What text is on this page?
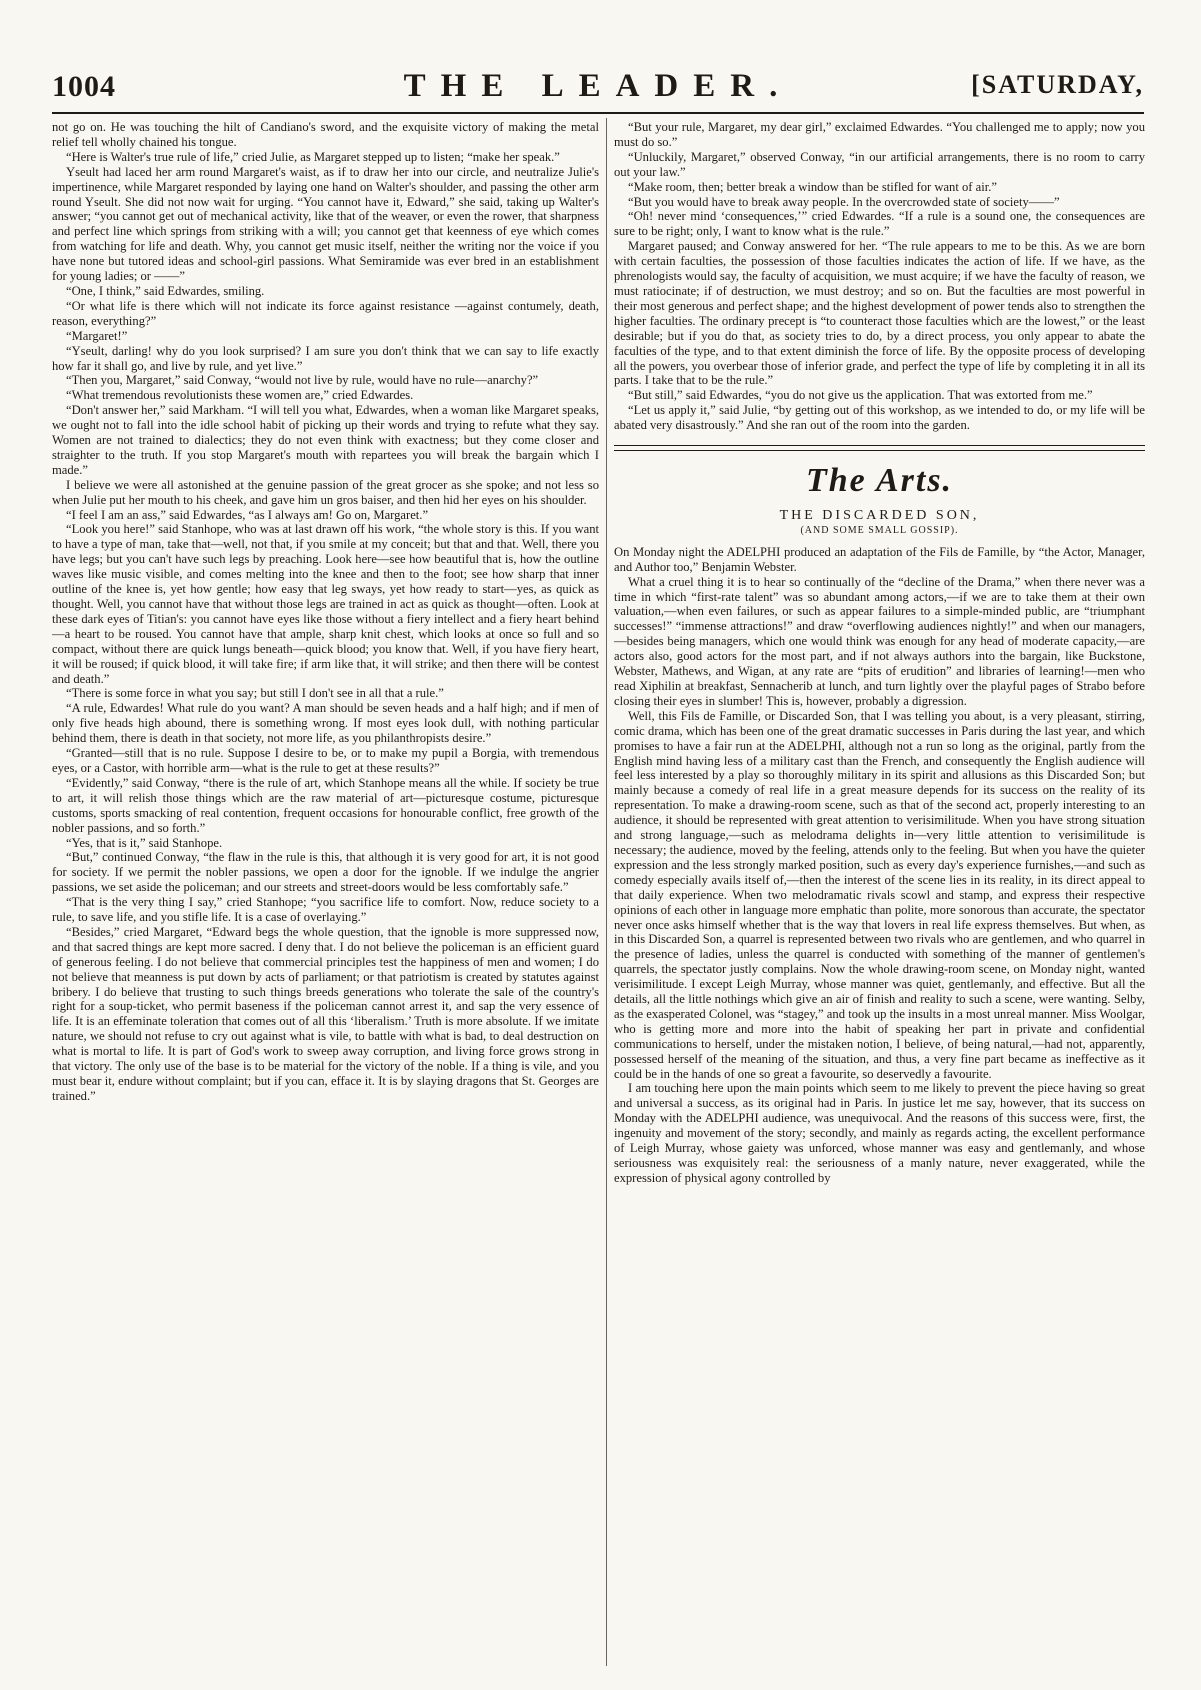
1004	THE LEADER.	[SATURDAY,

not go on. He was touching the hilt of Candiano's sword, and the exquisite victory of making the metal relief tell wholly chained his tongue.

“Here is Walter's true rule of life,” cried Julie, as Margaret stepped up to listen; “make her speak.”

Yseult had laced her arm round Margaret's waist, as if to draw her into our circle, and neutralize Julie's impertinence, while Margaret responded by laying one hand on Walter's shoulder, and passing the other arm round Yseult. She did not now wait for urging. “You cannot have it, Edward,” she said, taking up Walter's answer; “you cannot get out of mechanical activity, like that of the weaver, or even the rower, that sharpness and perfect line which springs from striking with a will; you cannot get that keenness of eye which comes from watching for life and death. Why, you cannot get music itself, neither the writing nor the voice if you have none but tutored ideas and school-girl passions. What Semiramide was ever bred in an establishment for young ladies; or ——”

“One, I think,” said Edwardes, smiling.

“Or what life is there which will not indicate its force against resistance —against contumely, death, reason, everything?”

“Margaret!”

“Yseult, darling! why do you look surprised? I am sure you don't think that we can say to life exactly how far it shall go, and live by rule, and yet live.”

“Then you, Margaret,” said Conway, “would not live by rule, would have no rule—anarchy?”

“What tremendous revolutionists these women are,” cried Edwardes.

“Don't answer her,” said Markham. “I will tell you what, Edwardes, when a woman like Margaret speaks, we ought not to fall into the idle school habit of picking up their words and trying to refute what they say. Women are not trained to dialectics; they do not even think with exactness; but they come closer and straighter to the truth. If you stop Margaret's mouth with repartees you will break the bargain which I made.”

I believe we were all astonished at the genuine passion of the great grocer as she spoke; and not less so when Julie put her mouth to his cheek, and gave him un gros baiser, and then hid her eyes on his shoulder.

“I feel I am an ass,” said Edwardes, “as I always am! Go on, Margaret.”

“Look you here!” said Stanhope, who was at last drawn off his work, “the whole story is this. If you want to have a type of man, take that—well, not that, if you smile at my conceit; but that and that. Well, there you have legs; but you can't have such legs by preaching. Look here—see how beautiful that is, how the outline waves like music visible, and comes melting into the knee and then to the foot; see how sharp that inner outline of the knee is, yet how gentle; how easy that leg sways, yet how ready to start—yes, as quick as thought. Well, you cannot have that without those legs are trained in act as quick as thought—often. Look at these dark eyes of Titian's: you cannot have eyes like those without a fiery intellect and a fiery heart behind—a heart to be roused. You cannot have that ample, sharp knit chest, which looks at once so full and so compact, without there are quick lungs beneath—quick blood; you know that. Well, if you have fiery heart, it will be roused; if quick blood, it will take fire; if arm like that, it will strike; and then there will be contest and death.”

“There is some force in what you say; but still I don't see in all that a rule.”

“A rule, Edwardes! What rule do you want? A man should be seven heads and a half high; and if men of only five heads high abound, there is something wrong. If most eyes look dull, with nothing particular behind them, there is death in that society, not more life, as you philanthropists desire.”

“Granted—still that is no rule. Suppose I desire to be, or to make my pupil a Borgia, with tremendous eyes, or a Castor, with horrible arm—what is the rule to get at these results?”

“Evidently,” said Conway, “there is the rule of art, which Stanhope means all the while. If society be true to art, it will relish those things which are the raw material of art—picturesque costume, picturesque customs, sports smacking of real contention, frequent occasions for honourable conflict, free growth of the nobler passions, and so forth.”

“Yes, that is it,” said Stanhope.

“But,” continued Conway, “the flaw in the rule is this, that although it is very good for art, it is not good for society. If we permit the nobler passions, we open a door for the ignoble. If we indulge the angrier passions, we set aside the policeman; and our streets and street-doors would be less comfortably safe.”

“That is the very thing I say,” cried Stanhope; “you sacrifice life to comfort. Now, reduce society to a rule, to save life, and you stifle life. It is a case of overlaying.”

“Besides,” cried Margaret, “Edward begs the whole question, that the ignoble is more suppressed now, and that sacred things are kept more sacred. I deny that. I do not believe the policeman is an efficient guard of generous feeling. I do not believe that commercial principles test the happiness of men and women; I do not believe that meanness is put down by acts of parliament; or that patriotism is created by statutes against bribery. I do believe that trusting to such things breeds generations who tolerate the sale of the country's right for a soup-ticket, who permit baseness if the policeman cannot arrest it, and sap the very essence of life. It is an effeminate toleration that comes out of all this ‘liberalism.’ Truth is more absolute. If we imitate nature, we should not refuse to cry out against what is vile, to battle with what is bad, to deal destruction on what is mortal to life. It is part of God's work to sweep away corruption, and living force grows strong in that victory. The only use of the base is to be material for the victory of the noble. If a thing is vile, and you must bear it, endure without complaint; but if you can, efface it. It is by slaying dragons that St. Georges are trained.”

“But your rule, Margaret, my dear girl,” exclaimed Edwardes. “You challenged me to apply; now you must do so.”

“Unluckily, Margaret,” observed Conway, “in our artificial arrangements, there is no room to carry out your law.”

“Make room, then; better break a window than be stifled for want of air.”

“But you would have to break away people. In the overcrowded state of society——”

“Oh! never mind ‘consequences,’” cried Edwardes. “If a rule is a sound one, the consequences are sure to be right; only, I want to know what is the rule.”

Margaret paused; and Conway answered for her. “The rule appears to me to be this. As we are born with certain faculties, the possession of those faculties indicates the action of life. If we have, as the phrenologists would say, the faculty of acquisition, we must acquire; if we have the faculty of reason, we must ratiocinate; if of destruction, we must destroy; and so on. But the faculties are most powerful in their most generous and perfect shape; and the highest development of power tends also to strengthen the higher faculties. The ordinary precept is “to counteract those faculties which are the lowest,” or the least desirable; but if you do that, as society tries to do, by a direct process, you only appear to abate the faculties of the type, and to that extent diminish the force of life. By the opposite process of developing all the powers, you overbear those of inferior grade, and perfect the type of life by completing it in all its parts. I take that to be the rule.”

“But still,” said Edwardes, “you do not give us the application. That was extorted from me.”

“Let us apply it,” said Julie, “by getting out of this workshop, as we intended to do, or my life will be abated very disastrously.” And she ran out of the room into the garden.

The Arts.
THE DISCARDED SON,
(AND SOME SMALL GOSSIP).

On Monday night the ADELPHI produced an adaptation of the Fils de Famille, by “the Actor, Manager, and Author too,” Benjamin Webster.

What a cruel thing it is to hear so continually of the “decline of the Drama,” when there never was a time in which “first-rate talent” was so abundant among actors,—if we are to take them at their own valuation,—when even failures, or such as appear failures to a simple-minded public, are “triumphant successes!” “immense attractions!” and draw “overflowing audiences nightly!” and when our managers,—besides being managers, which one would think was enough for any head of moderate capacity,—are actors also, good actors for the most part, and if not always authors into the bargain, like Buckstone, Webster, Mathews, and Wigan, at any rate are “pits of erudition” and libraries of learning!—men who read Xiphilin at breakfast, Sennacherib at lunch, and turn lightly over the playful pages of Strabo before closing their eyes in slumber! This is, however, probably a digression.

Well, this Fils de Famille, or Discarded Son, that I was telling you about, is a very pleasant, stirring, comic drama, which has been one of the great dramatic successes in Paris during the last year, and which promises to have a fair run at the ADELPHI, although not a run so long as the original, partly from the English mind having less of a military cast than the French, and consequently the English audience will feel less interested by a play so thoroughly military in its spirit and allusions as this Discarded Son; but mainly because a comedy of real life in a great measure depends for its success on the reality of its representation. To make a drawing-room scene, such as that of the second act, properly interesting to an audience, it should be represented with great attention to verisimilitude. When you have strong situation and strong language,—such as melodrama delights in—very little attention to verisimilitude is necessary; the audience, moved by the feeling, attends only to the feeling. But when you have the quieter expression and the less strongly marked position, such as every day's experience furnishes,—and such as comedy especially avails itself of,—then the interest of the scene lies in its reality, in its direct appeal to that daily experience. When two melodramatic rivals scowl and stamp, and express their respective opinions of each other in language more emphatic than polite, more sonorous than accurate, the spectator never once asks himself whether that is the way that lovers in real life express themselves. But when, as in this Discarded Son, a quarrel is represented between two rivals who are gentlemen, and who quarrel in the presence of ladies, unless the quarrel is conducted with something of the manner of gentlemen's quarrels, the spectator justly complains. Now the whole drawing-room scene, on Monday night, wanted verisimilitude. I except Leigh Murray, whose manner was quiet, gentlemanly, and effective. But all the details, all the little nothings which give an air of finish and reality to such a scene, were wanting. Selby, as the exasperated Colonel, was “stagey,” and took up the insults in a most unreal manner. Miss Woolgar, who is getting more and more into the habit of speaking her part in private and confidential communications to herself, under the mistaken notion, I believe, of being natural,—had not, apparently, possessed herself of the meaning of the situation, and thus, a very fine part became as ineffective as it could be in the hands of one so great a favourite, so deservedly a favourite.

I am touching here upon the main points which seem to me likely to prevent the piece having so great and universal a success, as its original had in Paris. In justice let me say, however, that its success on Monday with the ADELPHI audience, was unequivocal. And the reasons of this success were, first, the ingenuity and movement of the story; secondly, and mainly as regards acting, the excellent performance of Leigh Murray, whose gaiety was unforced, whose manner was easy and gentlemanly, and whose seriousness was exquisitely real: the seriousness of a manly nature, never exaggerated, while the expression of physical agony controlled by
